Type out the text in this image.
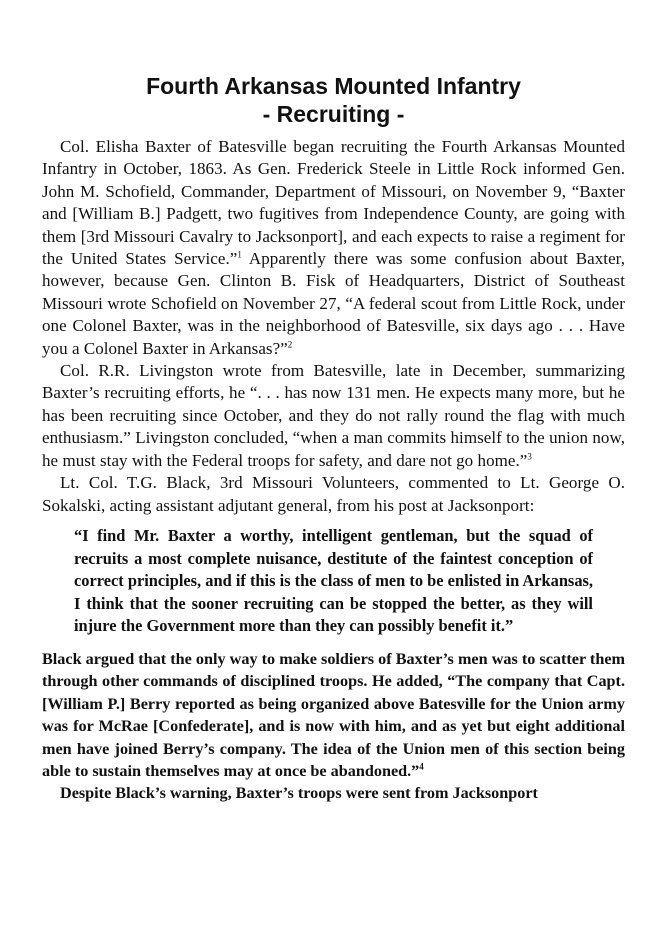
Fourth Arkansas Mounted Infantry
- Recruiting -

Col. Elisha Baxter of Batesville began recruiting the Fourth Arkansas Mounted Infantry in October, 1863. As Gen. Frederick Steele in Little Rock informed Gen. John M. Schofield, Commander, Department of Missouri, on November 9, “Baxter and [William B.] Padgett, two fugitives from Independence County, are going with them [3rd Missouri Cavalry to Jacksonport], and each expects to raise a regiment for the United States Service.”$^1$ Apparently there was some confusion about Baxter, however, because Gen. Clinton B. Fisk of Headquarters, District of Southeast Missouri wrote Schofield on November 27, “A federal scout from Little Rock, under one Colonel Baxter, was in the neighborhood of Batesville, six days ago . . . Have you a Colonel Baxter in Arkansas?”$^2$

Col. R.R. Livingston wrote from Batesville, late in December, summarizing Baxter’s recruiting efforts, he “. . . has now 131 men. He expects many more, but he has been recruiting since October, and they do not rally round the flag with much enthusiasm.” Livingston concluded, “when a man commits himself to the union now, he must stay with the Federal troops for safety, and dare not go home.”$^3$

Lt. Col. T.G. Black, 3rd Missouri Volunteers, commented to Lt. George O. Sokalski, acting assistant adjutant general, from his post at Jacksonport:

“I find Mr. Baxter a worthy, intelligent gentleman, but the squad of recruits a most complete nuisance, destitute of the faintest conception of correct principles, and if this is the class of men to be enlisted in Arkansas, I think that the sooner recruiting can be stopped the better, as they will injure the Government more than they can possibly benefit it.”

Black argued that the only way to make soldiers of Baxter’s men was to scatter them through other commands of disciplined troops. He added, “The company that Capt. [William P.] Berry reported as being organized above Batesville for the Union army was for McRae [Confederate], and is now with him, and as yet but eight additional men have joined Berry’s company. The idea of the Union men of this section being able to sustain themselves may at once be abandoned.”$^4$

Despite Black’s warning, Baxter’s troops were sent from Jacksonport
